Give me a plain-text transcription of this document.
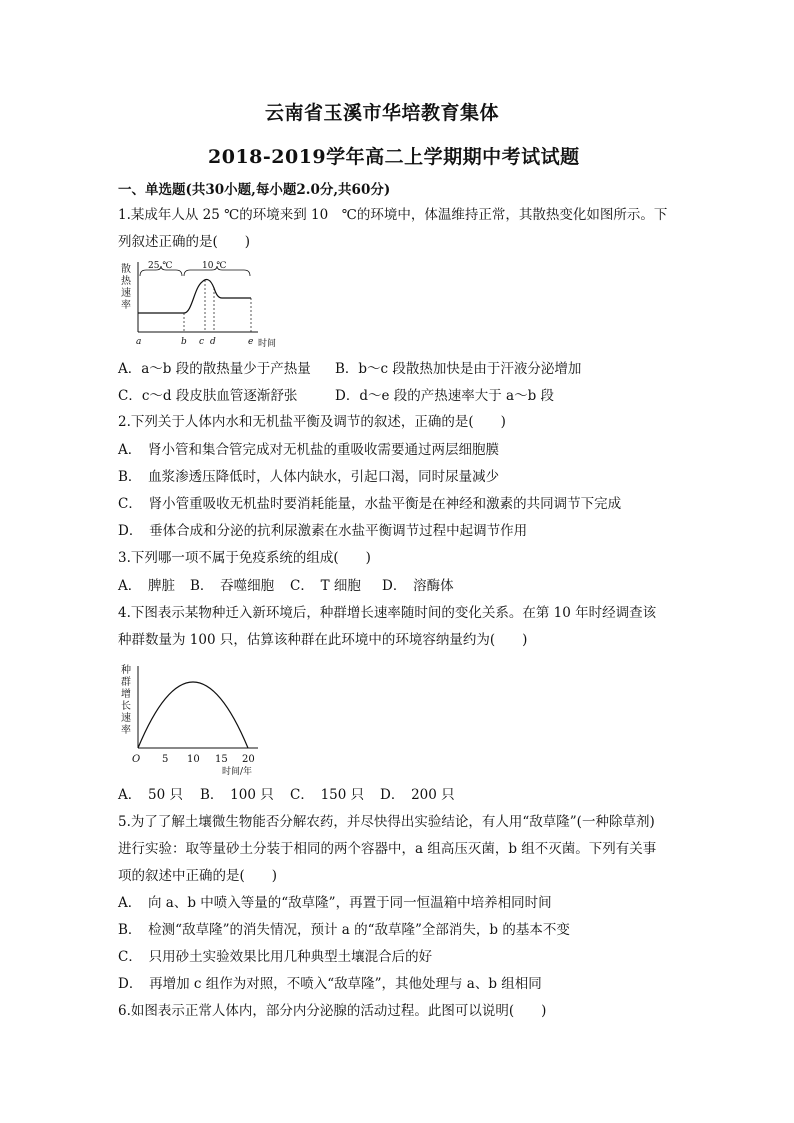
云南省玉溪市华培教育集体
2018-2019学年高二上学期期中考试试题
一、单选题(共30小题,每小题2.0分,共60分)
1.某成年人从 25 ℃的环境来到 10　℃的环境中，体温维持正常，其散热变化如图所示。下
列叙述正确的是(　　)
散
热
速
率
25 ℃	10 ℃
a	b c d	e 时间
A．a～b 段的散热量少于产热量 B．b～c 段散热加快是由于汗液分泌增加
C．c～d 段皮肤血管逐渐舒张	D．d～e 段的产热速率大于 a～b 段
2.下列关于人体内水和无机盐平衡及调节的叙述，正确的是(　　)
A．　肾小管和集合管完成对无机盐的重吸收需要通过两层细胞膜
B．　血浆渗透压降低时，人体内缺水，引起口渴，同时尿量减少
C．　肾小管重吸收无机盐时要消耗能量，水盐平衡是在神经和激素的共同调节下完成
D．　垂体合成和分泌的抗利尿激素在水盐平衡调节过程中起调节作用
3.下列哪一项不属于免疫系统的组成(　　)
A．　脾脏 B．　吞噬细胞 C．　T 细胞 D．　溶酶体
4.下图表示某物种迁入新环境后，种群增长速率随时间的变化关系。在第 10 年时经调查该
种群数量为 100 只，估算该种群在此环境中的环境容纳量约为(　　)
种
群
增
长
速
率
O 5 10 15 20
时间/年
A．　50 只 B．　100 只 C．　150 只 D．　200 只
5.为了了解土壤微生物能否分解农药，并尽快得出实验结论，有人用“敌草隆”(一种除草剂)
进行实验：取等量砂土分装于相同的两个容器中，a 组高压灭菌，b 组不灭菌。下列有关事
项的叙述中正确的是(　　)
A．　向 a、b 中喷入等量的“敌草隆”，再置于同一恒温箱中培养相同时间
B．　检测“敌草隆”的消失情况，预计 a 的“敌草隆”全部消失，b 的基本不变
C．　只用砂土实验效果比用几种典型土壤混合后的好
D．　再增加 c 组作为对照，不喷入“敌草隆”，其他处理与 a、b 组相同
6.如图表示正常人体内，部分内分泌腺的活动过程。此图可以说明(　　)
